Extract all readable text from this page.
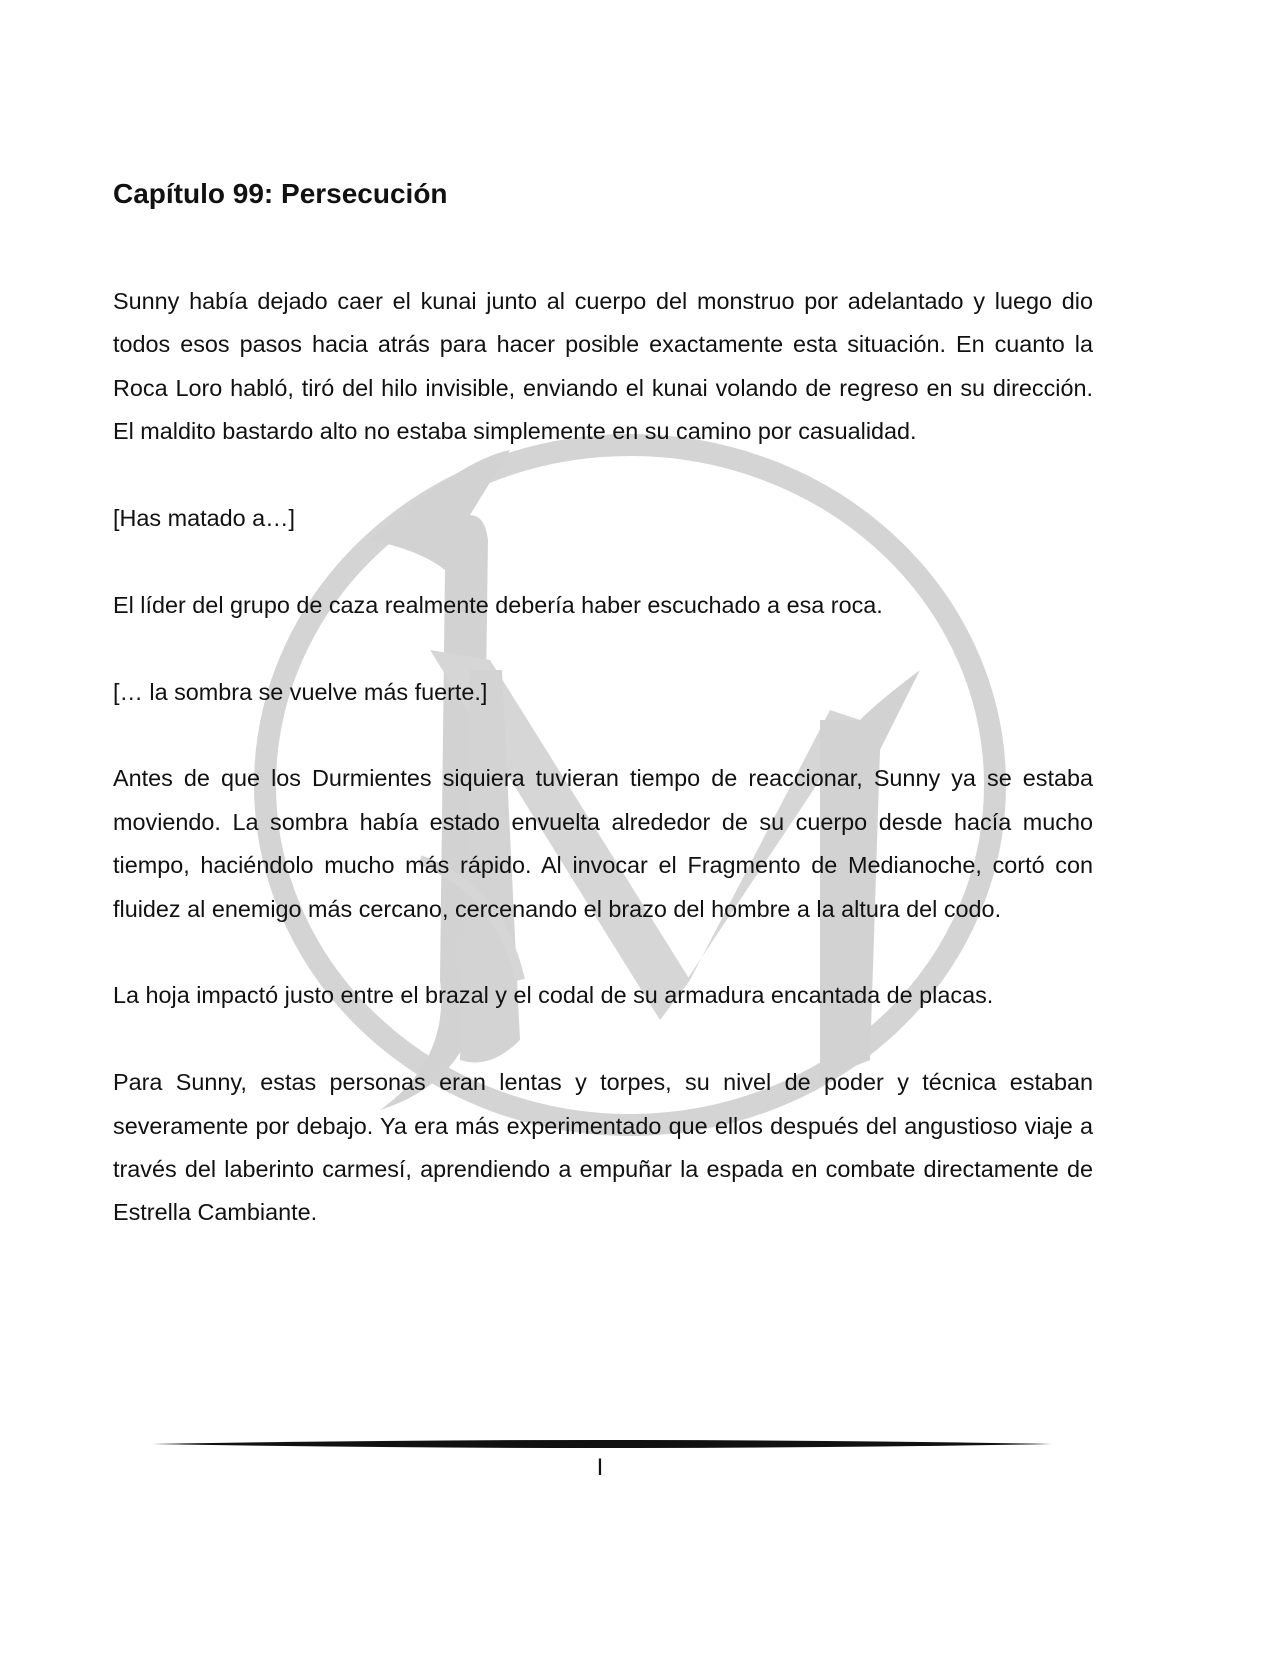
Capítulo 99: Persecución

Sunny había dejado caer el kunai junto al cuerpo del monstruo por adelantado y luego dio todos esos pasos hacia atrás para hacer posible exactamente esta situación. En cuanto la Roca Loro habló, tiró del hilo invisible, enviando el kunai volando de regreso en su dirección. El maldito bastardo alto no estaba simplemente en su camino por casualidad.

[Has matado a…]

El líder del grupo de caza realmente debería haber escuchado a esa roca.

[… la sombra se vuelve más fuerte.]

Antes de que los Durmientes siquiera tuvieran tiempo de reaccionar, Sunny ya se estaba moviendo. La sombra había estado envuelta alrededor de su cuerpo desde hacía mucho tiempo, haciéndolo mucho más rápido. Al invocar el Fragmento de Medianoche, cortó con fluidez al enemigo más cercano, cercenando el brazo del hombre a la altura del codo.

La hoja impactó justo entre el brazal y el codal de su armadura encantada de placas.

Para Sunny, estas personas eran lentas y torpes, su nivel de poder y técnica estaban severamente por debajo. Ya era más experimentado que ellos después del angustioso viaje a través del laberinto carmesí, aprendiendo a empuñar la espada en combate directamente de Estrella Cambiante.

I
